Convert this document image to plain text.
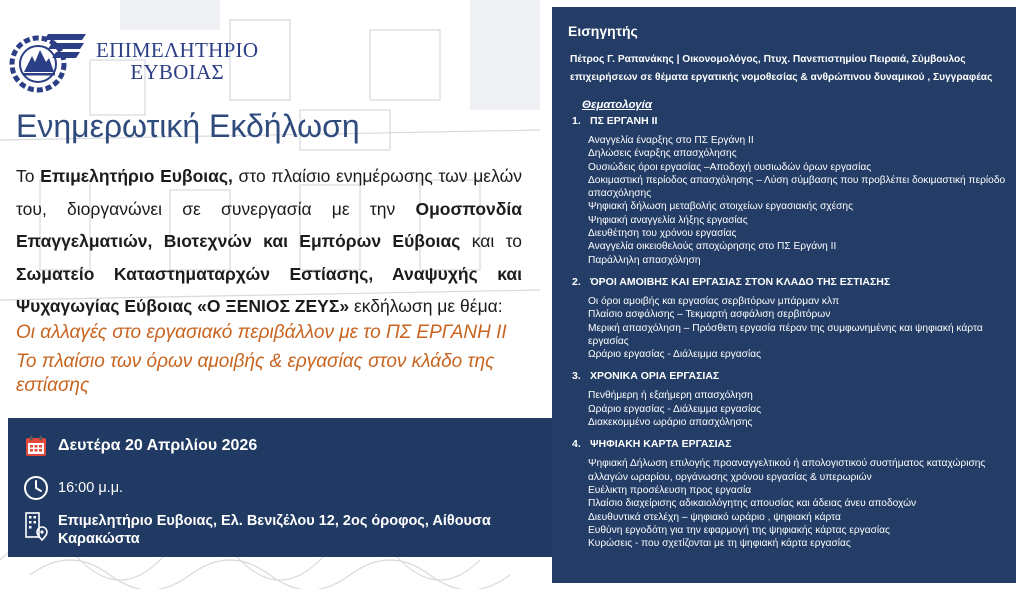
ΕΠΙΜΕΛΗΤΗΡΙΟ
ΕΥΒΟΙΑΣ
Ενημερωτική Εκδήλωση

Το Επιμελητήριο Ευβοιας, στο πλαίσιο ενημέρωσης των μελών του, διοργανώνει σε συνεργασία με την Ομοσπονδία Επαγγελματιών, Βιοτεχνών και Εμπόρων Εύβοιας και το Σωματείο Καταστηματαρχών Εστίασης, Αναψυχής και Ψυχαγωγίας Εύβοιας «Ο ΞΕΝΙΟΣ ΖΕΥΣ» εκδήλωση με θέμα:

Οι αλλαγές στο εργασιακό περιβάλλον με το ΠΣ ΕΡΓΑΝΗ ΙΙ
Το πλαίσιο των όρων αμοιβής & εργασίας στον κλάδο της εστίασης
Δευτέρα 20 Απριλίου 2026
16:00 μ.μ.
Επιμελητήριο Ευβοιας, Ελ. Βενιζέλου 12, 2ος όροφος, Αίθουσα Καρακώστα
Εισηγητής
Πέτρος Γ. Ραπανάκης | Οικονομολόγος, Πτυχ. Πανεπιστημίου Πειραιά, Σύμβουλος επιχειρήσεων σε θέματα εργατικής νομοθεσίας & ανθρώπινου δυναμικού , Συγγραφέας
Θεματολογία
1. ΠΣ ΕΡΓΑΝΗ ΙΙ
Αναγγελία έναρξης στο ΠΣ Εργάνη ΙΙ
Δηλώσεις έναρξης απασχόλησης
Ουσιώδεις όροι εργασίας –Αποδοχή ουσιωδών όρων εργασίας
Δοκιμαστική περίοδος απασχόλησης – Λύση σύμβασης που προβλέπει δοκιμαστική περίοδο απασχόλησης
Ψηφιακή δήλωση μεταβολής στοιχείων εργασιακής σχέσης
Ψηφιακή αναγγελία λήξης εργασίας
Διευθέτηση του χρόνου εργασίας
Αναγγελία οικειοθελούς αποχώρησης στο ΠΣ Εργάνη ΙΙ
Παράλληλη απασχόληση
2. ΌΡΟΙ ΑΜΟΙΒΗΣ ΚΑΙ ΕΡΓΑΣΙΑΣ ΣΤΟΝ ΚΛΑΔΟ ΤΗΣ ΕΣΤΙΑΣΗΣ
Οι όροι αμοιβής και εργασίας σερβιτόρων μπάρμαν κλπ
Πλαίσιο ασφάλισης – Τεκμαρτή ασφάλιση σερβιτόρων
Μερική απασχόληση – Πρόσθετη εργασία πέραν της συμφωνημένης και ψηφιακή κάρτα εργασίας
Ωράριο εργασίας - Διάλειμμα εργασίας
3. ΧΡΟΝΙΚΑ ΟΡΙΑ ΕΡΓΑΣΙΑΣ
Πενθήμερη ή εξαήμερη απασχόληση
Ωράριο εργασίας - Διάλειμμα εργασίας
Διακεκομμένο ωράριο απασχόλησης
4. ΨΗΦΙΑΚΗ ΚΑΡΤΑ ΕΡΓΑΣΙΑΣ
Ψηφιακή Δήλωση επιλογής προαναγγελτικού ή απολογιστικού συστήματος καταχώρισης αλλαγών ωραρίου, οργάνωσης χρόνου εργασίας & υπερωριών
Ευέλικτη προσέλευση προς εργασία
Πλαίσιο διαχείρισης αδικαιολόγητης απουσίας και άδειας άνευ αποδοχών
Διευθυντικά στελέχη – ψηφιακό ωράριο , ψηφιακή κάρτα
Ευθύνη εργοδότη για την εφαρμογή της ψηφιακής κάρτας εργασίας
Κυρώσεις - που σχετίζονται με τη ψηφιακή κάρτα εργασίας
